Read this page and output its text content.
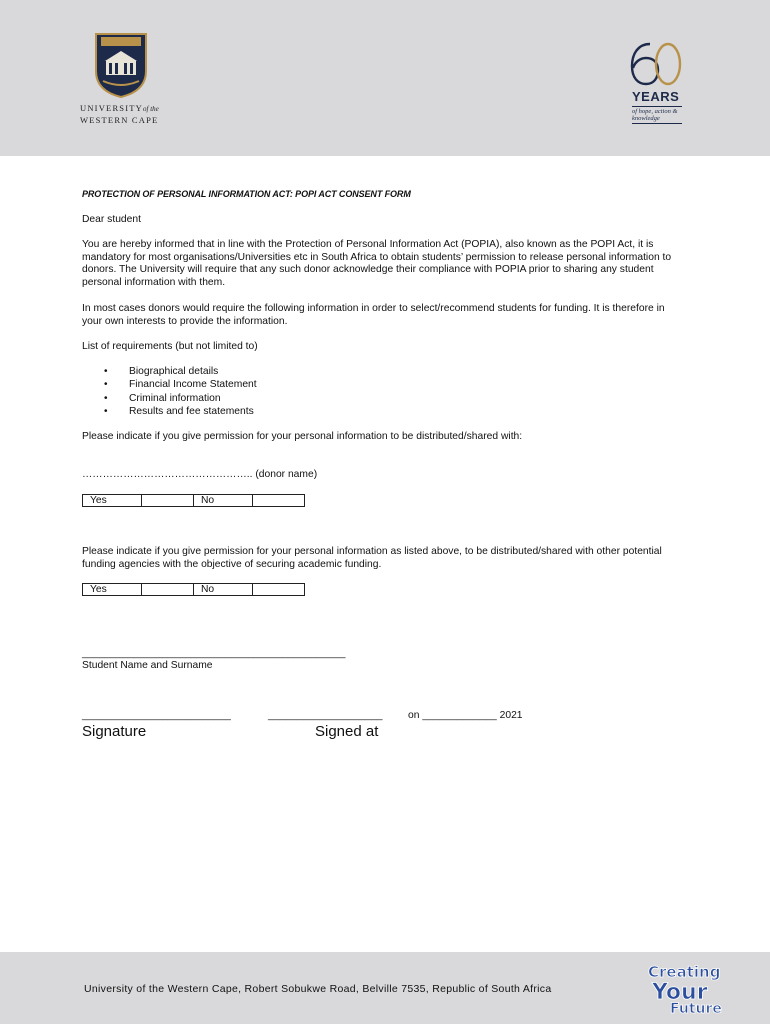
UNIVERSITYof the
WESTERN CAPE
YEARS
of hope, action & knowledge
PROTECTION OF PERSONAL INFORMATION ACT: POPI ACT CONSENT FORM
Dear student
You are hereby informed that in line with the Protection of Personal Information Act (POPIA), also known as the POPI Act, it is mandatory for most organisations/Universities etc in South Africa to obtain students’ permission to release personal information to donors. The University will require that any such donor acknowledge their compliance with POPIA prior to sharing any student personal information with them.
In most cases donors would require the following information in order to select/recommend students for funding. It is therefore in your own interests to provide the information.
List of requirements (but not limited to)
• Biographical details
• Financial Income Statement
• Criminal information
• Results and fee statements
Please indicate if you give permission for your personal information to be distributed/shared with:
………………………………………….. (donor name)
Yes		No	
Please indicate if you give permission for your personal information as listed above, to be distributed/shared with other potential funding agencies with the objective of securing academic funding.
Yes		No	
______________________________________________
Student Name and Surname
__________________________	____________________ on _____________ 2021
Signature	Signed at
University of the Western Cape, Robert Sobukwe Road, Belville 7535, Republic of South Africa
Creating
Your
Future
